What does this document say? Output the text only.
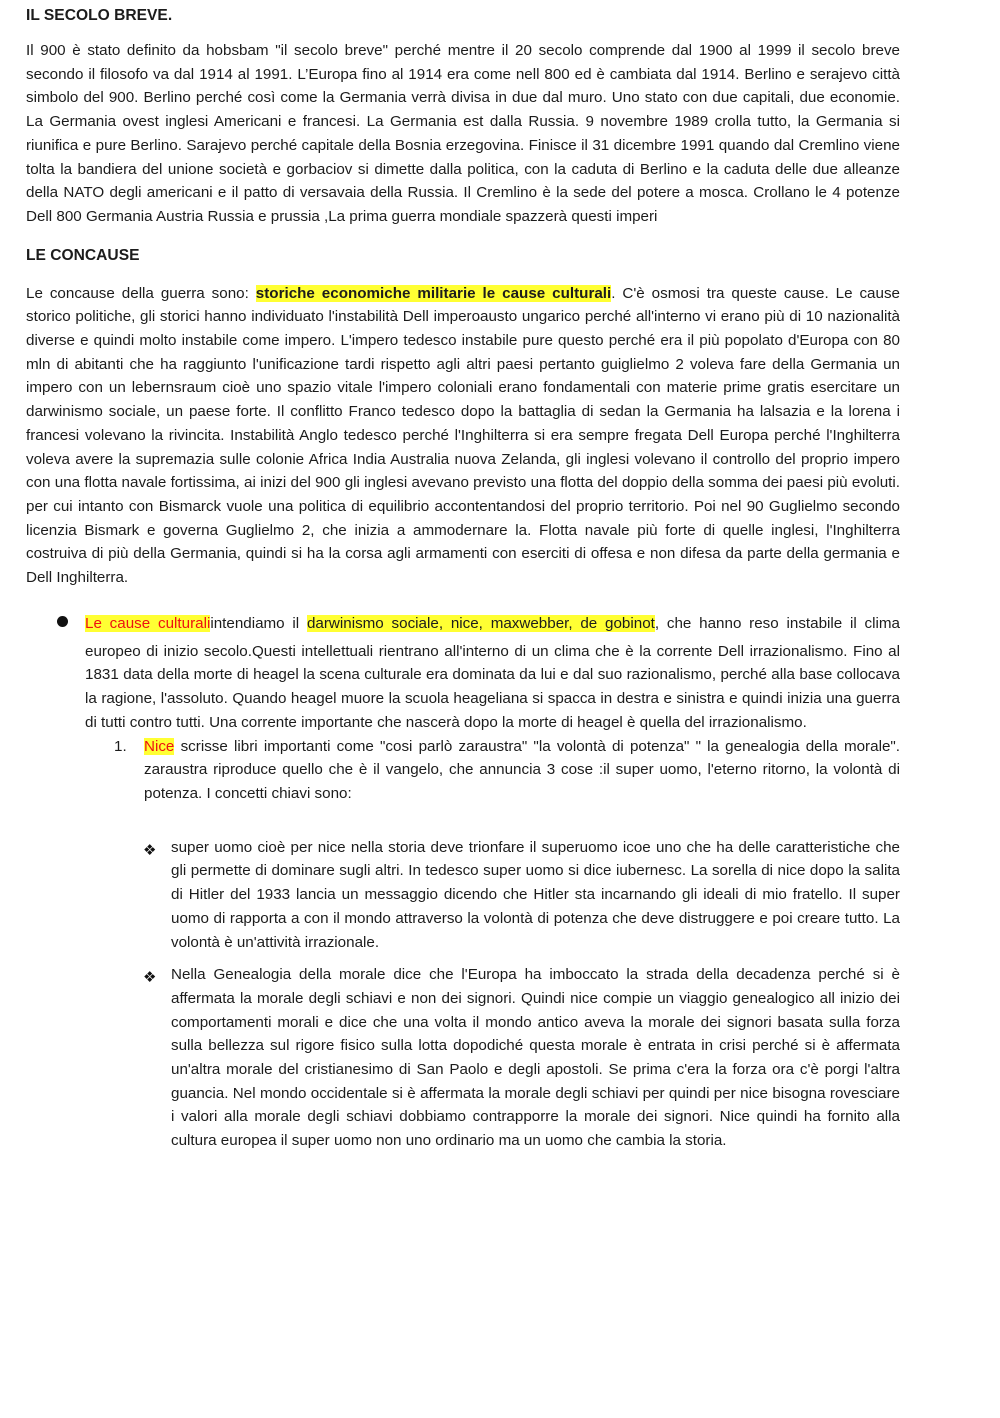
IL SECOLO BREVE.

Il 900 è stato definito da hobsbam "il secolo breve" perché mentre il 20 secolo comprende dal 1900 al 1999 il secolo breve secondo il filosofo va dal 1914 al 1991. L’Europa fino al 1914 era come nell 800 ed è cambiata dal 1914. Berlino e serajevo città simbolo del 900. Berlino perché così come la Germania verrà divisa in due dal muro. Uno stato con due capitali, due economie. La Germania ovest inglesi Americani e francesi. La Germania est dalla Russia. 9 novembre 1989 crolla tutto, la Germania si riunifica e pure Berlino. Sarajevo perché capitale della Bosnia erzegovina. Finisce il 31 dicembre 1991 quando dal Cremlino viene tolta la bandiera del unione società e gorbaciov si dimette dalla politica, con la caduta di Berlino e la caduta delle due alleanze della NATO degli americani e il patto di versavaia della Russia. Il Cremlino è la sede del potere a mosca. Crollano le 4 potenze Dell 800 Germania Austria Russia e prussia ,La prima guerra mondiale spazzerà questi imperi

LE CONCAUSE

Le concause della guerra sono: storiche economiche militarie le cause culturali. C'è osmosi tra queste cause. Le cause storico politiche, gli storici hanno individuato l'instabilità Dell imperoausto ungarico perché all'interno vi erano più di 10 nazionalità diverse e quindi molto instabile come impero. L'impero tedesco instabile pure questo perché era il più popolato d'Europa con 80 mln di abitanti che ha raggiunto l'unificazione tardi rispetto agli altri paesi pertanto guiglielmo 2 voleva fare della Germania un impero con un lebernsraum cioè uno spazio vitale l'impero coloniali erano fondamentali con materie prime gratis esercitare un darwinismo sociale, un paese forte. Il conflitto Franco tedesco dopo la battaglia di sedan la Germania ha lalsazia e la lorena i francesi volevano la rivincita. Instabilità Anglo tedesco perché l'Inghilterra si era sempre fregata Dell Europa perché l'Inghilterra voleva avere la supremazia sulle colonie Africa India Australia nuova Zelanda, gli inglesi volevano il controllo del proprio impero con una flotta navale fortissima, ai inizi del 900 gli inglesi avevano previsto una flotta del doppio della somma dei paesi più evoluti. per cui intanto con Bismarck vuole una politica di equilibrio accontentandosi del proprio territorio. Poi nel 90 Guglielmo secondo licenzia Bismark e governa Guglielmo 2, che inizia a ammodernare la. Flotta navale più forte di quelle inglesi, l'Inghilterra costruiva di più della Germania, quindi si ha la corsa agli armamenti con eserciti di offesa e non difesa da parte della germania e Dell Inghilterra.

Le cause culturaliintendiamo il darwinismo sociale, nice, maxwebber, de gobinot, che hanno reso instabile il clima europeo di inizio secolo.Questi intellettuali rientrano all'interno di un clima che è la corrente Dell irrazionalismo. Fino al 1831 data della morte di heagel la scena culturale era dominata da lui e dal suo razionalismo, perché alla base collocava la ragione, l'assoluto. Quando heagel muore la scuola heageliana si spacca in destra e sinistra e quindi inizia una guerra di tutti contro tutti. Una corrente importante che nascerà dopo la morte di heagel è quella del irrazionalismo.

1. Nice scrisse libri importanti come "cosi parlò zaraustra" "la volontà di potenza" " la genealogia della morale". zaraustra riproduce quello che è il vangelo, che annuncia 3 cose :il super uomo, l'eterno ritorno, la volontà di potenza. I concetti chiavi sono:

❖ super uomo cioè per nice nella storia deve trionfare il superuomo icoe uno che ha delle caratteristiche che gli permette di dominare sugli altri. In tedesco super uomo si dice iubernesc. La sorella di nice dopo la salita di Hitler del 1933 lancia un messaggio dicendo che Hitler sta incarnando gli ideali di mio fratello. Il super uomo di rapporta a con il mondo attraverso la volontà di potenza che deve distruggere e poi creare tutto. La volontà è un'attività irrazionale.

❖ Nella Genealogia della morale dice che l'Europa ha imboccato la strada della decadenza perché si è affermata la morale degli schiavi e non dei signori. Quindi nice compie un viaggio genealogico all inizio dei comportamenti morali e dice che una volta il mondo antico aveva la morale dei signori basata sulla forza sulla bellezza sul rigore fisico sulla lotta dopodiché questa morale è entrata in crisi perché si è affermata un'altra morale del cristianesimo di San Paolo e degli apostoli. Se prima c'era la forza ora c'è porgi l'altra guancia. Nel mondo occidentale si è affermata la morale degli schiavi per quindi per nice bisogna rovesciare i valori alla morale degli schiavi dobbiamo contrapporre la morale dei signori. Nice quindi ha fornito alla cultura europea il super uomo non uno ordinario ma un uomo che cambia la storia.
